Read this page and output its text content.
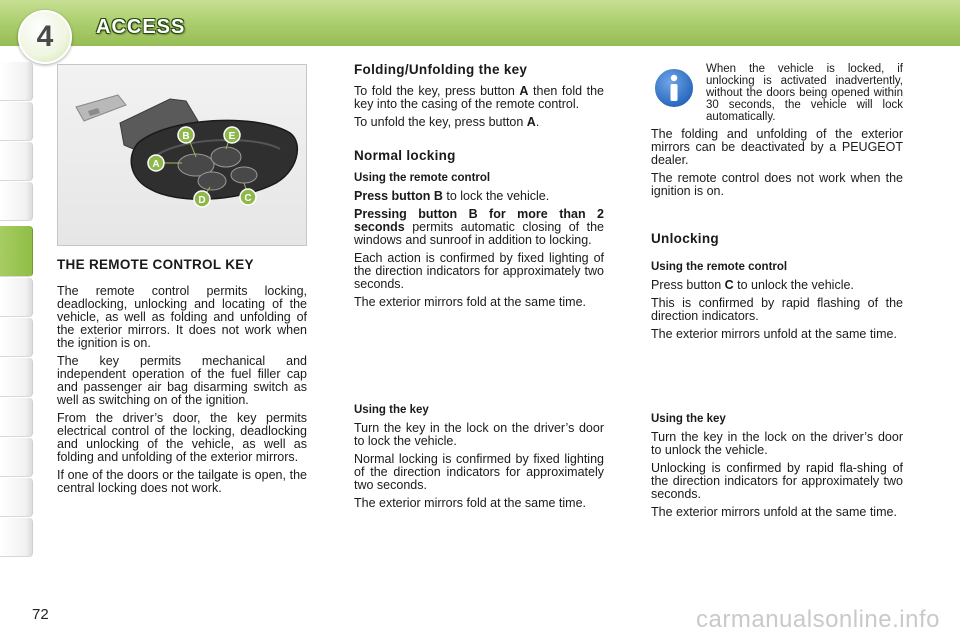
4	ACCESS
A
B
C
D
E
THE REMOTE CONTROL KEY

The remote control permits locking, deadlocking, unlocking and locating of the vehicle, as well as folding and unfolding of the exterior mirrors. It does not work when the ignition is on.

The key permits mechanical and independent operation of the fuel filler cap and passenger air bag disarming switch as well as switching on of the ignition.

From the driver’s door, the key permits electrical control of the locking, deadlocking and unlocking of the vehicle, as well as folding and unfolding of the exterior mirrors.

If one of the doors or the tailgate is open, the central locking does not work.

Folding/Unfolding the key

To fold the key, press button A then fold the key into the casing of the remote control.

To unfold the key, press button A.

Normal locking
Using the remote control

Press button B to lock the vehicle.

Pressing button B for more than 2 seconds permits automatic closing of the windows and sunroof in addition to locking.

Each action is confirmed by fixed lighting of the direction indicators for approximately two seconds.

The exterior mirrors fold at the same time.

Using the key

Turn the key in the lock on the driver’s door to lock the vehicle.

Normal locking is confirmed by fixed lighting of the direction indicators for approximately two seconds.

The exterior mirrors fold at the same time.

When the vehicle is locked, if unlocking is activated inadvertently, without the doors being opened within 30 seconds, the vehicle will lock automatically.

The folding and unfolding of the exterior mirrors can be deactivated by a PEUGEOT dealer.

The remote control does not work when the ignition is on.

Unlocking
Using the remote control

Press button C to unlock the vehicle.

This is confirmed by rapid flashing of the direction indicators.

The exterior mirrors unfold at the same time.

Using the key

Turn the key in the lock on the driver’s door to unlock the vehicle.

Unlocking is confirmed by rapid fla-shing of the direction indicators for approximately two seconds.

The exterior mirrors unfold at the same time.

72	carmanualsonline.info
